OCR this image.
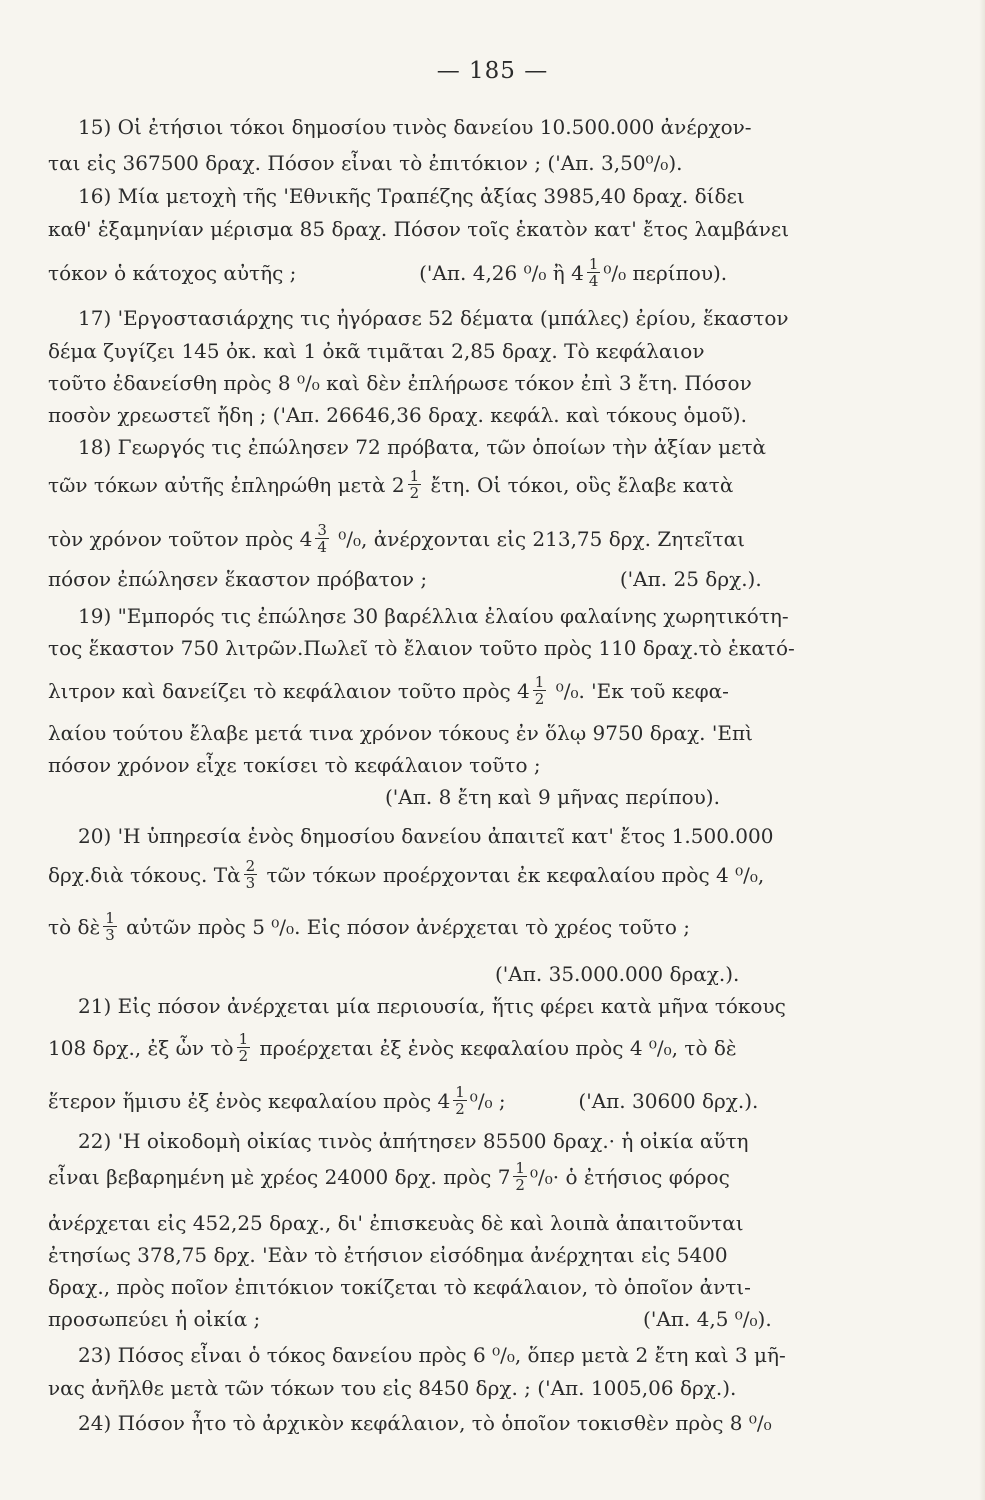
— 185 —
15) Οἱ ἐτήσιοι τόκοι δημοσίου τινὸς δανείου 10.500.000 ἀνέρχον-
ται εἰς 367500 δραχ. Πόσον εἶναι τὸ ἐπιτόκιον ; ('Απ. 3,50⁰/₀).
16) Μία μετοχὴ τῆς 'Εθνικῆς Τραπέζης ἀξίας 3985,40 δραχ. δίδει
καθ' ἑξαμηνίαν μέρισμα 85 δραχ. Πόσον τοῖς ἑκατὸν κατ' ἔτος λαμβάνει
τόκον ὁ κάτοχος αὐτῆς ;	('Απ. 4,26 ⁰/₀ ἢ $4 \frac{1}{4} ^0/_0$ περίπου).
17) 'Εργοστασιάρχης τις ἠγόρασε 52 δέματα (μπάλες) ἐρίου, ἕκαστον
δέμα ζυγίζει 145 ὀκ. καὶ 1 ὀκᾶ τιμᾶται 2,85 δραχ. Τὸ κεφάλαιον
τοῦτο ἐδανείσθη πρὸς 8 ⁰/₀ καὶ δὲν ἐπλήρωσε τόκον ἐπὶ 3 ἔτη. Πόσον
ποσὸν χρεωστεῖ ἤδη ; ('Απ. 26646,36 δραχ. κεφάλ. καὶ τόκους ὁμοῦ).
18) Γεωργός τις ἐπώλησεν 72 πρόβατα, τῶν ὁποίων τὴν ἀξίαν μετὰ
τῶν τόκων αὐτῆς ἐπληρώθη μετὰ $2 \frac{1}{2}$ ἔτη. Οἱ τόκοι, οὓς ἔλαβε κατὰ
τὸν χρόνον τοῦτον πρὸς $4 \frac{3}{4} ^0/_0$, ἀνέρχονται εἰς 213,75 δρχ. Ζητεῖται
πόσον ἐπώλησεν ἕκαστον πρόβατον ;	('Απ. 25 δρχ.).
19) "Εμπορός τις ἐπώλησε 30 βαρέλλια ἐλαίου φαλαίνης χωρητικότη-
τος ἕκαστον 750 λιτρῶν.Πωλεῖ τὸ ἔλαιον τοῦτο πρὸς 110 δραχ.τὸ ἑκατό-
λιτρον καὶ δανείζει τὸ κεφάλαιον τοῦτο πρὸς $4 \frac{1}{2} ^0/_0$. 'Εκ τοῦ κεφα-
λαίου τούτου ἔλαβε μετά τινα χρόνον τόκους ἐν ὅλῳ 9750 δραχ. 'Επὶ
πόσον χρόνον εἶχε τοκίσει τὸ κεφάλαιον τοῦτο ;
('Απ. 8 ἔτη καὶ 9 μῆνας περίπου).
20) 'Η ὑπηρεσία ἑνὸς δημοσίου δανείου ἀπαιτεῖ κατ' ἔτος 1.500.000
δρχ.διὰ τόκους. Τὰ $\frac{2}{3}$ τῶν τόκων προέρχονται ἐκ κεφαλαίου πρὸς 4 ⁰/₀,
τὸ δὲ $\frac{1}{3}$ αὐτῶν πρὸς 5 ⁰/₀. Εἰς πόσον ἀνέρχεται τὸ χρέος τοῦτο ;
('Απ. 35.000.000 δραχ.).
21) Εἰς πόσον ἀνέρχεται μία περιουσία, ἥτις φέρει κατὰ μῆνα τόκους
108 δρχ., ἐξ ὧν τὸ $\frac{1}{2}$ προέρχεται ἐξ ἑνὸς κεφαλαίου πρὸς 4 ⁰/₀, τὸ δὲ
ἕτερον ἥμισυ ἐξ ἑνὸς κεφαλαίου πρὸς $4 \frac{1}{2} ^0/_0$ ;	('Απ. 30600 δρχ.).
22) 'Η οἰκοδομὴ οἰκίας τινὸς ἀπήτησεν 85500 δραχ.· ἡ οἰκία αὕτη
εἶναι βεβαρημένη μὲ χρέος 24000 δρχ. πρὸς $7 \frac{1}{2} ^0/_0\cdot$ ὁ ἐτήσιος φόρος
ἀνέρχεται εἰς 452,25 δραχ., δι' ἐπισκευὰς δὲ καὶ λοιπὰ ἀπαιτοῦνται
ἐτησίως 378,75 δρχ. 'Εὰν τὸ ἐτήσιον εἰσόδημα ἀνέρχηται εἰς 5400
δραχ., πρὸς ποῖον ἐπιτόκιον τοκίζεται τὸ κεφάλαιον, τὸ ὁποῖον ἀντι-
προσωπεύει ἡ οἰκία ;	('Απ. 4,5 ⁰/₀).
23) Πόσος εἶναι ὁ τόκος δανείου πρὸς 6 ⁰/₀, ὅπερ μετὰ 2 ἔτη καὶ 3 μῆ-
νας ἀνῆλθε μετὰ τῶν τόκων του εἰς 8450 δρχ. ; ('Απ. 1005,06 δρχ.).
24) Πόσον ἦτο τὸ ἀρχικὸν κεφάλαιον, τὸ ὁποῖον τοκισθὲν πρὸς 8 ⁰/₀
